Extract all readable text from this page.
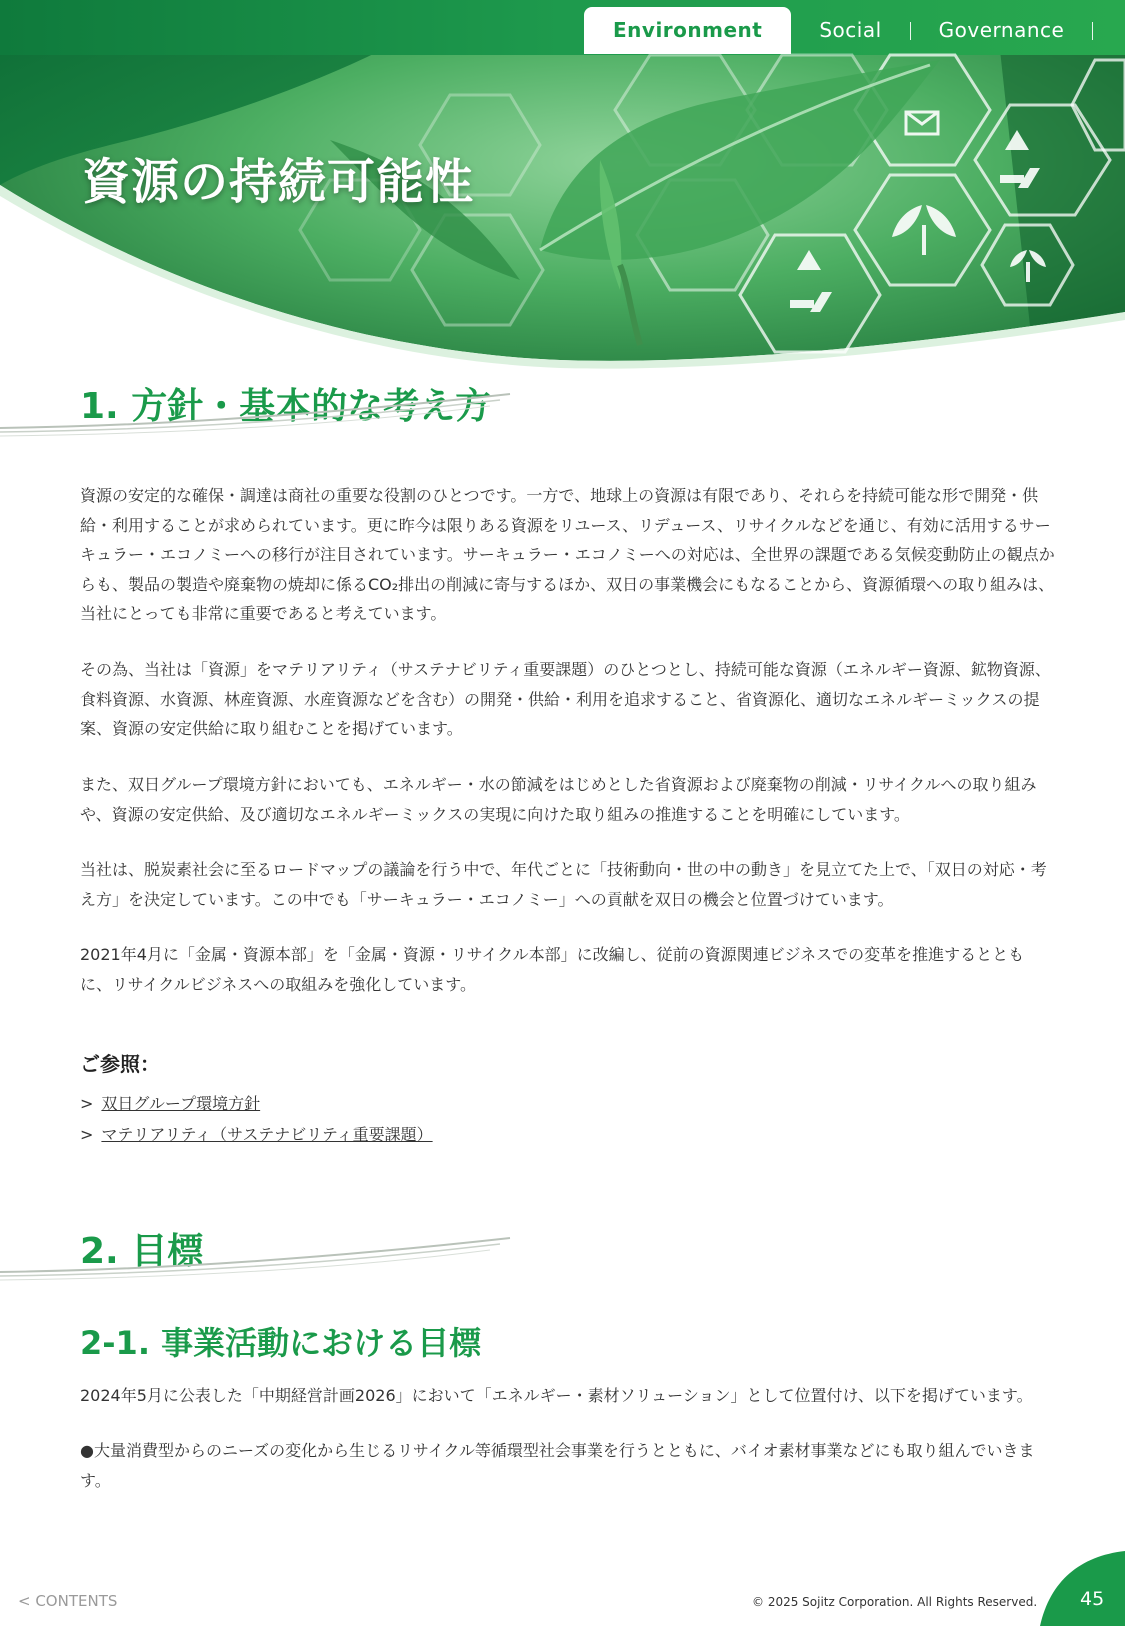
Environment	Social	Governance
資源の持続可能性
1. 方針・基本的な考え方

資源の安定的な確保・調達は商社の重要な役割のひとつです。一方で、地球上の資源は有限であり、それらを持続可能な形で開発・供給・利用することが求められています。更に昨今は限りある資源をリユース、リデュース、リサイクルなどを通じ、有効に活用するサーキュラー・エコノミーへの移行が注目されています。サーキュラー・エコノミーへの対応は、全世界の課題である気候変動防止の観点からも、製品の製造や廃棄物の焼却に係るCO₂排出の削減に寄与するほか、双日の事業機会にもなることから、資源循環への取り組みは、当社にとっても非常に重要であると考えています。

その為、当社は「資源」をマテリアリティ（サステナビリティ重要課題）のひとつとし、持続可能な資源（エネルギー資源、鉱物資源、食料資源、水資源、林産資源、水産資源などを含む）の開発・供給・利用を追求すること、省資源化、適切なエネルギーミックスの提案、資源の安定供給に取り組むことを掲げています。

また、双日グループ環境方針においても、エネルギー・水の節減をはじめとした省資源および廃棄物の削減・リサイクルへの取り組みや、資源の安定供給、及び適切なエネルギーミックスの実現に向けた取り組みの推進することを明確にしています。

当社は、脱炭素社会に至るロードマップの議論を行う中で、年代ごとに「技術動向・世の中の動き」を見立てた上で、「双日の対応・考え方」を決定しています。この中でも「サーキュラー・エコノミー」への貢献を双日の機会と位置づけています。

2021年4月に「金属・資源本部」を「金属・資源・リサイクル本部」に改編し、従前の資源関連ビジネスでの変革を推進するとともに、リサイクルビジネスへの取組みを強化しています。

ご参照：
> 双日グループ環境方針
> マテリアリティ（サステナビリティ重要課題）
2. 目標
2-1. 事業活動における目標

2024年5月に公表した「中期経営計画2026」において「エネルギー・素材ソリューション」として位置付け、以下を掲げています。

●大量消費型からのニーズの変化から生じるリサイクル等循環型社会事業を行うとともに、バイオ素材事業などにも取り組んでいきます。

< CONTENTS	© 2025 Sojitz Corporation. All Rights Reserved. 45
